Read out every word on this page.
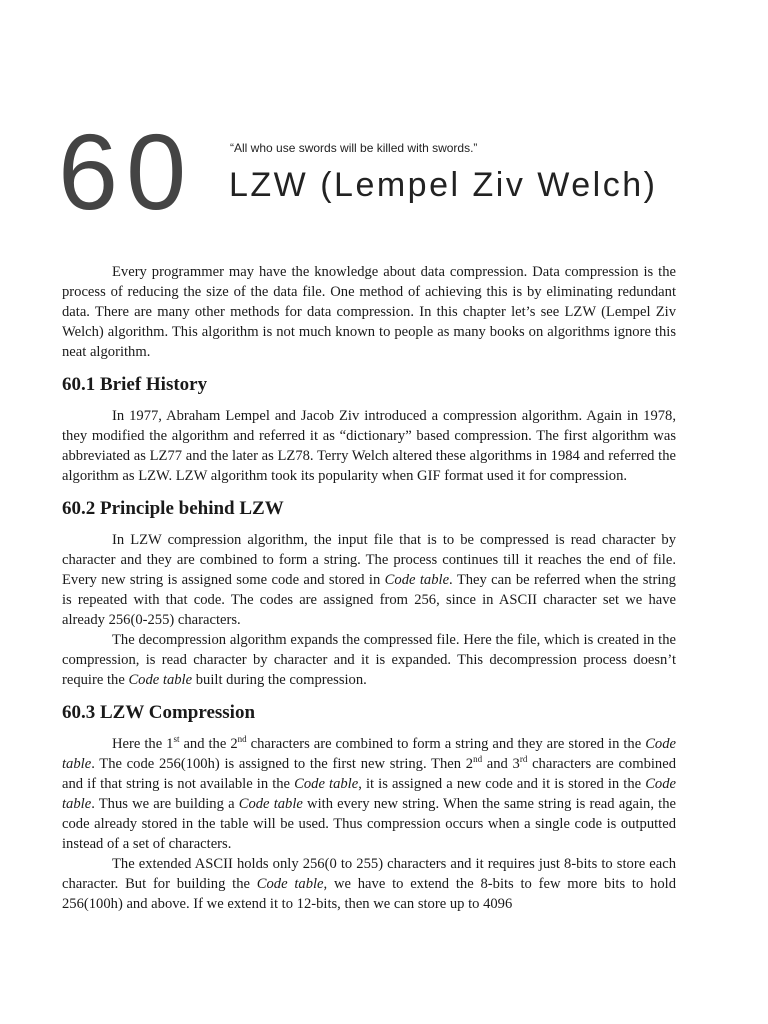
60	“All who use swords will be killed with swords.”
LZW (Lempel Ziv Welch)

Every programmer may have the knowledge about data compression. Data compression is the process of reducing the size of the data file. One method of achieving this is by eliminating redundant data. There are many other methods for data compression. In this chapter let’s see LZW (Lempel Ziv Welch) algorithm. This algorithm is not much known to people as many books on algorithms ignore this neat algorithm.

60.1 Brief History

In 1977, Abraham Lempel and Jacob Ziv introduced a compression algorithm. Again in 1978, they modified the algorithm and referred it as “dictionary” based compression. The first algorithm was abbreviated as LZ77 and the later as LZ78. Terry Welch altered these algorithms in 1984 and referred the algorithm as LZW. LZW algorithm took its popularity when GIF format used it for compression.

60.2 Principle behind LZW

In LZW compression algorithm, the input file that is to be compressed is read character by character and they are combined to form a string. The process continues till it reaches the end of file. Every new string is assigned some code and stored in Code table. They can be referred when the string is repeated with that code. The codes are assigned from 256, since in ASCII character set we have already 256(0-255) characters.

The decompression algorithm expands the compressed file. Here the file, which is created in the compression, is read character by character and it is expanded. This decompression process doesn’t require the Code table built during the compression.

60.3 LZW Compression

Here the 1st and the 2nd characters are combined to form a string and they are stored in the Code table. The code 256(100h) is assigned to the first new string. Then 2nd and 3rd characters are combined and if that string is not available in the Code table, it is assigned a new code and it is stored in the Code table. Thus we are building a Code table with every new string. When the same string is read again, the code already stored in the table will be used. Thus compression occurs when a single code is outputted instead of a set of characters.

The extended ASCII holds only 256(0 to 255) characters and it requires just 8-bits to store each character. But for building the Code table, we have to extend the 8-bits to few more bits to hold 256(100h) and above. If we extend it to 12-bits, then we can store up to 4096
